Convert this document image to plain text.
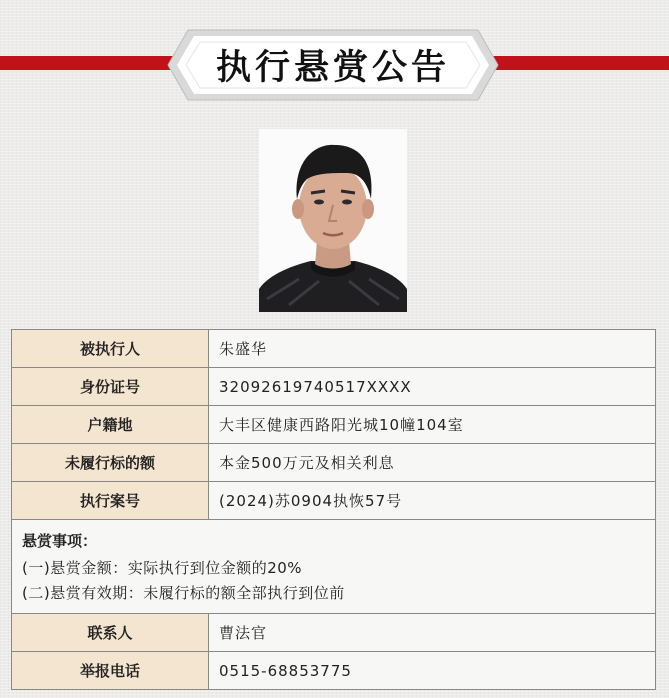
执行悬赏公告
被执行人	朱盛华
身份证号	32092619740517XXXX
户籍地	大丰区健康西路阳光城10幢104室
未履行标的额	本金500万元及相关利息
执行案号	(2024)苏0904执恢57号

悬赏事项：
(一)悬赏金额：实际执行到位金额的20%
(二)悬赏有效期：未履行标的额全部执行到位前	

联系人	曹法官
举报电话	0515-68853775
